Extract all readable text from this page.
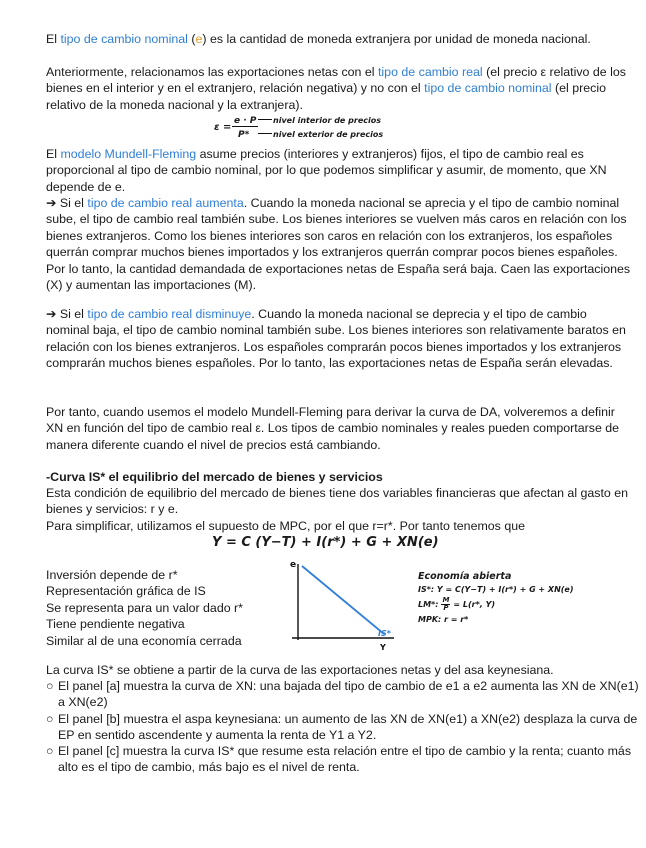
El tipo de cambio nominal (e) es la cantidad de moneda extranjera por unidad de moneda nacional.
Anteriormente, relacionamos las exportaciones netas con el tipo de cambio real (el precio ε relativo de los bienes en el interior y en el extranjero, relación negativa) y no con el tipo de cambio nominal (el precio relativo de la moneda nacional y la extranjera).
ε =
e · P
P*
nivel interior de precios
nivel exterior de precios
El modelo Mundell-Fleming asume precios (interiores y extranjeros) fijos, el tipo de cambio real es proporcional al tipo de cambio nominal, por lo que podemos simplificar y asumir, de momento, que XN depende de e.
➔ Si el tipo de cambio real aumenta. Cuando la moneda nacional se aprecia y el tipo de cambio nominal sube, el tipo de cambio real también sube. Los bienes interiores se vuelven más caros en relación con los bienes extranjeros. Como los bienes interiores son caros en relación con los extranjeros, los españoles querrán comprar muchos bienes importados y los extranjeros querrán comprar pocos bienes españoles. Por lo tanto, la cantidad demandada de exportaciones netas de España será baja. Caen las exportaciones (X) y aumentan las importaciones (M).
➔ Si el tipo de cambio real disminuye. Cuando la moneda nacional se deprecia y el tipo de cambio nominal baja, el tipo de cambio nominal también sube. Los bienes interiores son relativamente baratos en relación con los bienes extranjeros. Los españoles comprarán pocos bienes importados y los extranjeros comprarán muchos bienes españoles. Por lo tanto, las exportaciones netas de España serán elevadas.
Por tanto, cuando usemos el modelo Mundell-Fleming para derivar la curva de DA, volveremos a definir XN en función del tipo de cambio real ε. Los tipos de cambio nominales y reales pueden comportarse de manera diferente cuando el nivel de precios está cambiando.
-Curva IS* el equilibrio del mercado de bienes y servicios
Esta condición de equilibrio del mercado de bienes tiene dos variables financieras que afectan al gasto en bienes y servicios: r y e.
Para simplificar, utilizamos el supuesto de MPC, por el que r=r*. Por tanto tenemos que
Y = C (Y−T) + I(r*) + G + XN(e)
Inversión depende de r*
Representación gráfica de IS
Se representa para un valor dado r*
Tiene pendiente negativa
Similar al de una economía cerrada
e
Y
IS*
Economía abierta
IS*: Y = C(Y−T) + I(r*) + G + XN(e)
LM*: $\frac{M}{P} = L(r*$, Y)
MPK: r = r*
La curva IS* se obtiene a partir de la curva de las exportaciones netas y del asa keynesiana.
○ El panel [a] muestra la curva de XN: una bajada del tipo de cambio de e1 a e2 aumenta las XN de XN(e1) a XN(e2)
○ El panel [b] muestra el aspa keynesiana: un aumento de las XN de XN(e1) a XN(e2) desplaza la curva de EP en sentido ascendente y aumenta la renta de Y1 a Y2.
○ El panel [c] muestra la curva IS* que resume esta relación entre el tipo de cambio y la renta; cuanto más alto es el tipo de cambio, más bajo es el nivel de renta.
